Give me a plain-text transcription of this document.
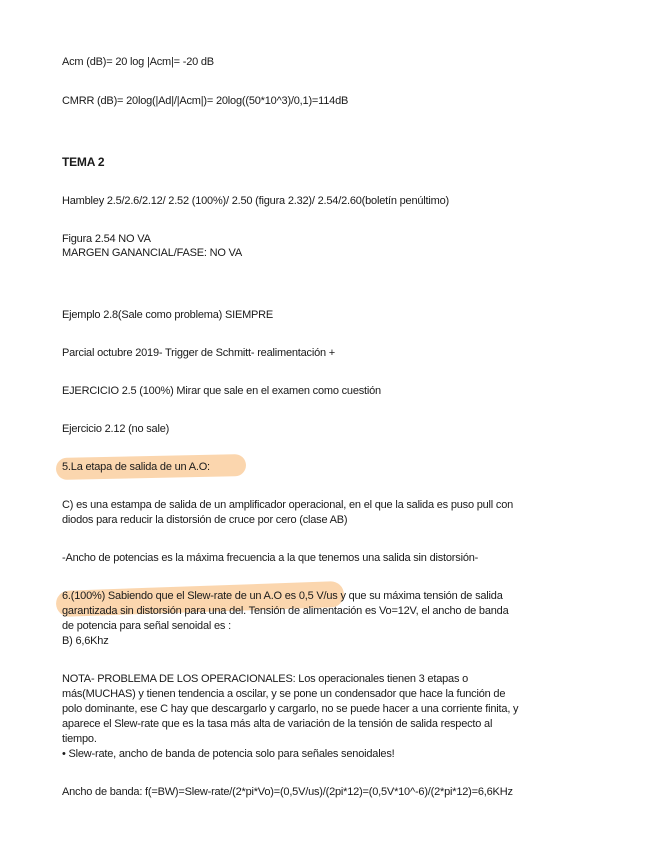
Acm (dB)= 20 log |Acm|= -20 dB
CMRR (dB)= 20log(|Ad|/|Acm|)= 20log((50*10^3)/0,1)=114dB
TEMA 2
Hambley 2.5/2.6/2.12/ 2.52 (100%)/ 2.50 (figura 2.32)/ 2.54/2.60(boletín penúltimo)
Figura 2.54 NO VA
MARGEN GANANCIAL/FASE: NO VA
Ejemplo 2.8(Sale como problema) SIEMPRE
Parcial octubre 2019- Trigger de Schmitt- realimentación +
EJERCICIO 2.5 (100%) Mirar que sale en el examen como cuestión
Ejercicio 2.12 (no sale)
5.La etapa de salida de un A.O:
C) es una estampa de salida de un amplificador operacional, en el que la salida es puso pull con
diodos para reducir la distorsión de cruce por cero (clase AB)
-Ancho de potencias es la máxima frecuencia a la que tenemos una salida sin distorsión-
6.(100%) Sabiendo que el Slew-rate de un A.O es 0,5 V/us y que su máxima tensión de salida
garantizada sin distorsión para una del. Tensión de alimentación es Vo=12V, el ancho de banda
de potencia para señal senoidal es :
B) 6,6Khz
NOTA- PROBLEMA DE LOS OPERACIONALES: Los operacionales tienen 3 etapas o
más(MUCHAS) y tienen tendencia a oscilar, y se pone un condensador que hace la función de
polo dominante, ese C hay que descargarlo y cargarlo, no se puede hacer a una corriente finita, y
aparece el Slew-rate que es la tasa más alta de variación de la tensión de salida respecto al
tiempo.
• Slew-rate, ancho de banda de potencia solo para señales senoidales!
Ancho de banda: f(=BW)=Slew-rate/(2*pi*Vo)=(0,5V/us)/(2pi*12)=(0,5V*10^-6)/(2*pi*12)=6,6KHz
